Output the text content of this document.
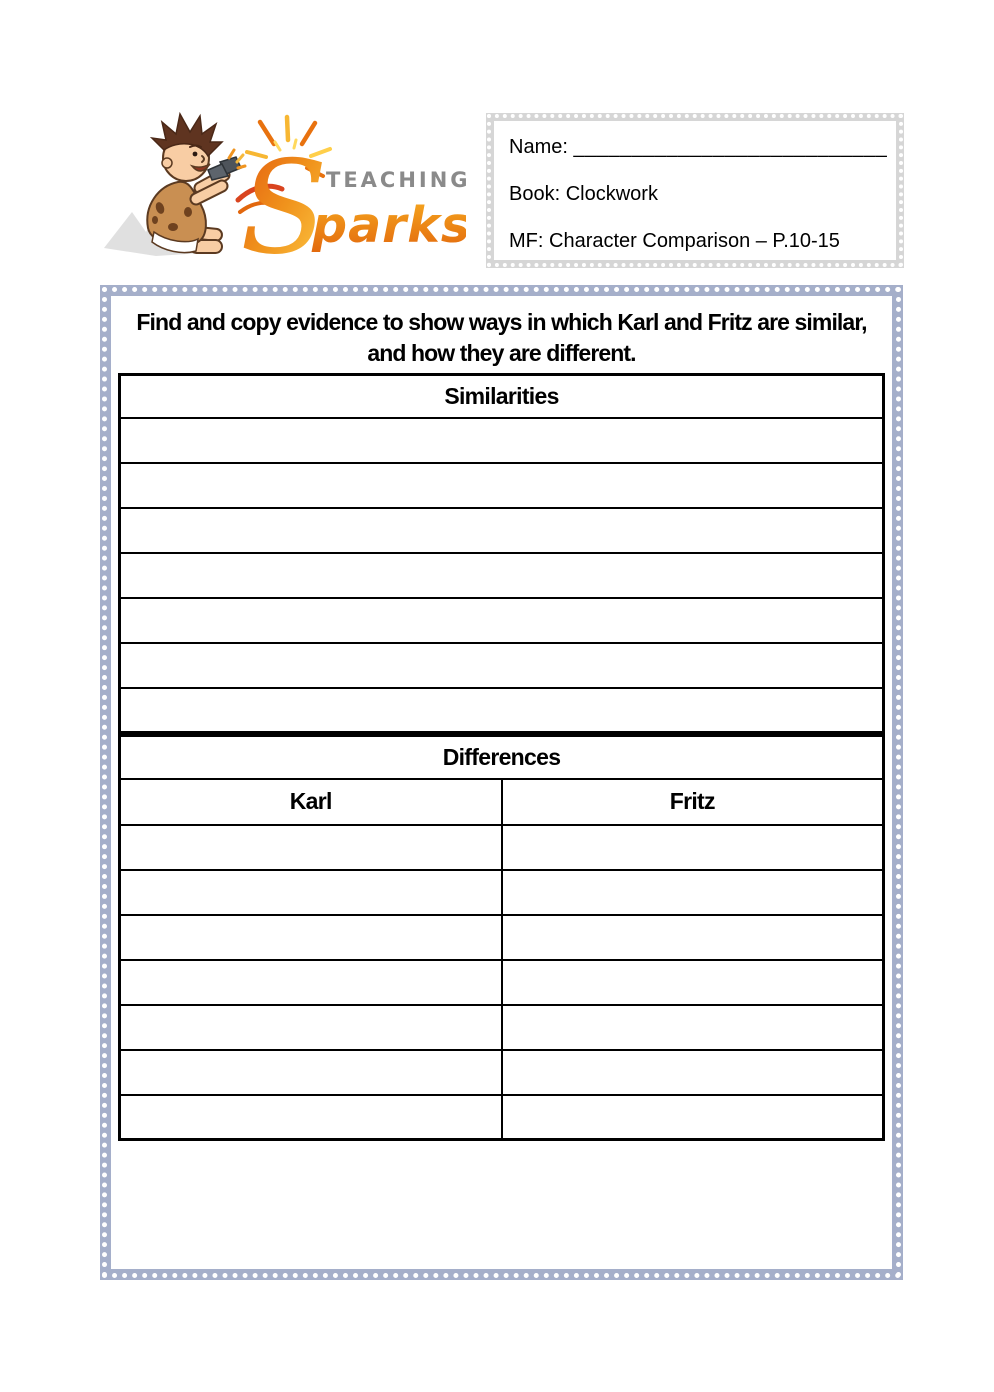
TEACHING
S
parks
Name: ___________________________
Book: Clockwork
MF: Character Comparison – P.10-15
Find and copy evidence to show ways in which Karl and Fritz are similar,
and how they are different.
Similarities

Differences	
Karl	Fritz
